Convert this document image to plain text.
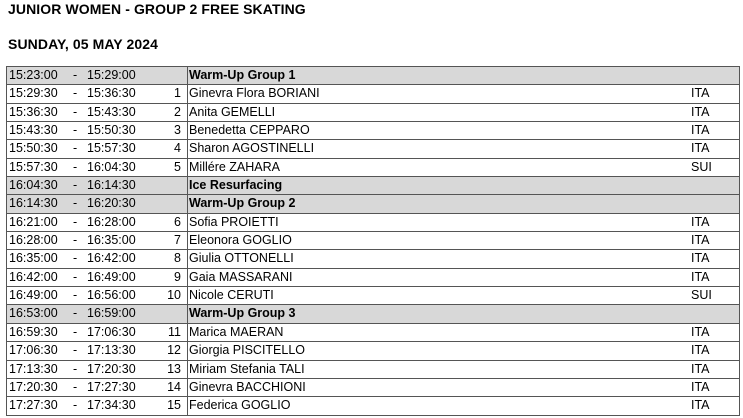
JUNIOR WOMEN - GROUP 2 FREE SKATING
SUNDAY, 05 MAY 2024
15:23:00 - 15:29:00	Warm-Up Group 1
15:29:30 - 15:36:30	1 Ginevra Flora BORIANI	ITA
15:36:30 - 15:43:30	2 Anita GEMELLI	ITA
15:43:30 - 15:50:30	3 Benedetta CEPPARO	ITA
15:50:30 - 15:57:30	4 Sharon AGOSTINELLI	ITA
15:57:30 - 16:04:30	5 Millére ZAHARA	SUI
16:04:30 - 16:14:30	Ice Resurfacing
16:14:30 - 16:20:30	Warm-Up Group 2
16:21:00 - 16:28:00	6 Sofia PROIETTI	ITA
16:28:00 - 16:35:00	7 Eleonora GOGLIO	ITA
16:35:00 - 16:42:00	8 Giulia OTTONELLI	ITA
16:42:00 - 16:49:00	9 Gaia MASSARANI	ITA
16:49:00 - 16:56:00	10 Nicole CERUTI	SUI
16:53:00 - 16:59:00	Warm-Up Group 3
16:59:30 - 17:06:30	11 Marica MAERAN	ITA
17:06:30 - 17:13:30	12 Giorgia PISCITELLO	ITA
17:13:30 - 17:20:30	13 Miriam Stefania TALI	ITA
17:20:30 - 17:27:30	14 Ginevra BACCHIONI	ITA
17:27:30 - 17:34:30	15 Federica GOGLIO	ITA
